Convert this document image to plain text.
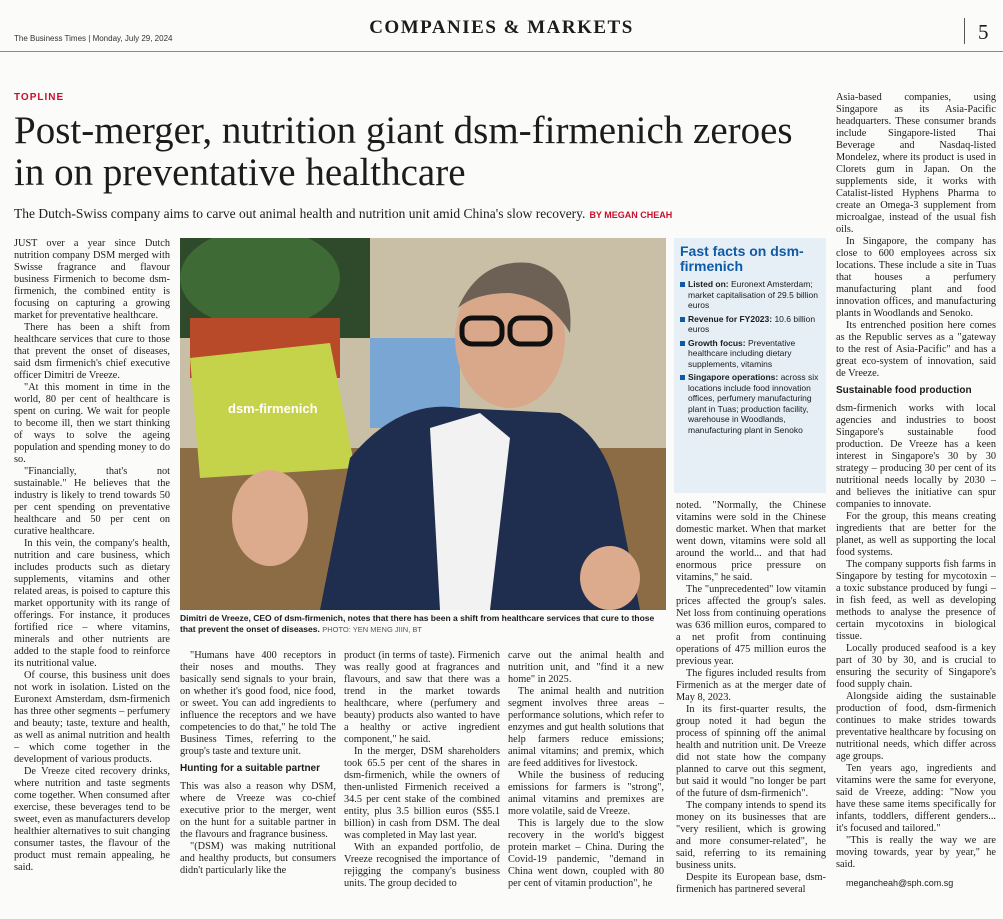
The Business Times | Monday, July 29, 2024
COMPANIES & MARKETS	5
TOPLINE
Post-merger, nutrition giant dsm-firmenich zeroes in on preventative healthcare
The Dutch-Swiss company aims to carve out animal health and nutrition unit amid China's slow recovery. BY MEGAN CHEAH

JUST over a year since Dutch nutrition company DSM merged with Swisse fragrance and flavour business Firmenich to become dsm-firmenich, the combined entity is focusing on capturing a growing market for preventative healthcare.

There has been a shift from healthcare services that cure to those that prevent the onset of diseases, said dsm firmenich's chief executive officer Dimitri de Vreeze.

"At this moment in time in the world, 80 per cent of healthcare is spent on curing. We wait for people to become ill, then we start thinking of ways to solve the ageing population and spending money to do so.

"Financially, that's not sustainable." He believes that the industry is likely to trend towards 50 per cent spending on preventative healthcare and 50 per cent on curative healthcare.

In this vein, the company's health, nutrition and care business, which includes products such as dietary supplements, vitamins and other related areas, is poised to capture this market opportunity with its range of offerings. For instance, it produces fortified rice – where vitamins, minerals and other nutrients are added to the staple food to reinforce its nutritional value.

Of course, this business unit does not work in isolation. Listed on the Euronext Amsterdam, dsm-firmenich has three other segments – perfumery and beauty; taste, texture and health, as well as animal nutrition and health – which come together in the development of various products.

De Vreeze cited recovery drinks, where nutrition and taste segments come together. When consumed after exercise, these beverages tend to be sweet, even as manufacturers develop healthier alternatives to suit changing consumer tastes, the flavour of the product must remain appealing, he said.

dsm-firmenich
Dimitri de Vreeze, CEO of dsm-firmenich, notes that there has been a shift from healthcare services that cure to those that prevent the onset of diseases. PHOTO: YEN MENG JIIN, BT
Fast facts on dsm-firmenich
Listed on: Euronext Amsterdam; market capitalisation of 29.5 billion euros
Revenue for FY2023: 10.6 billion euros
Growth focus: Preventative healthcare including dietary supplements, vitamins
Singapore operations: across six locations include food innovation offices, perfumery manufacturing plant in Tuas; production facility, warehouse in Woodlands, manufacturing plant in Senoko

"Humans have 400 receptors in their noses and mouths. They basically send signals to your brain, on whether it's good food, nice food, or sweet. You can add ingredients to influence the receptors and we have competencies to do that," he told The Business Times, referring to the group's taste and texture unit.

Hunting for a suitable partner

This was also a reason why DSM, where de Vreeze was co-chief executive prior to the merger, went on the hunt for a suitable partner in the flavours and fragrance business.

"(DSM) was making nutritional and healthy products, but consumers didn't particularly like the

product (in terms of taste). Firmenich was really good at fragrances and flavours, and saw that there was a trend in the market towards healthcare, where (perfumery and beauty) products also wanted to have a healthy or active ingredient component," he said.

In the merger, DSM shareholders took 65.5 per cent of the shares in dsm-firmenich, while the owners of then-unlisted Firmenich received a 34.5 per cent stake of the combined entity, plus 3.5 billion euros (S$5.1 billion) in cash from DSM. The deal was completed in May last year.

With an expanded portfolio, de Vreeze recognised the importance of rejigging the company's business units. The group decided to

carve out the animal health and nutrition unit, and "find it a new home" in 2025.

The animal health and nutrition segment involves three areas – performance solutions, which refer to enzymes and gut health solutions that help farmers reduce emissions; animal vitamins; and premix, which are feed additives for livestock.

While the business of reducing emissions for farmers is "strong", animal vitamins and premixes are more volatile, said de Vreeze.

This is largely due to the slow recovery in the world's biggest protein market – China. During the Covid-19 pandemic, "demand in China went down, coupled with 80 per cent of vitamin production", he

noted. "Normally, the Chinese vitamins were sold in the Chinese domestic market. When that market went down, vitamins were sold all around the world... and that had enormous price pressure on vitamins," he said.

The "unprecedented" low vitamin prices affected the group's sales. Net loss from continuing operations was 636 million euros, compared to a net profit from continuing operations of 475 million euros the previous year.

The figures included results from Firmenich as at the merger date of May 8, 2023.

In its first-quarter results, the group noted it had begun the process of spinning off the animal health and nutrition unit. De Vreeze did not state how the company planned to carve out this segment, but said it would "no longer be part of the future of dsm-firmenich".

The company intends to spend its money on its businesses that are "very resilient, which is growing and more consumer-related", he said, referring to its remaining business units.

Despite its European base, dsm-firmenich has partnered several

Asia-based companies, using Singapore as its Asia-Pacific headquarters. These consumer brands include Singapore-listed Thai Beverage and Nasdaq-listed Mondelez, where its product is used in Clorets gum in Japan. On the supplements side, it works with Catalist-listed Hyphens Pharma to create an Omega-3 supplement from microalgae, instead of the usual fish oils.

In Singapore, the company has close to 600 employees across six locations. These include a site in Tuas that houses a perfumery manufacturing plant and food innovation offices, and manufacturing plants in Woodlands and Senoko.

Its entrenched position here comes as the Republic serves as a "gateway to the rest of Asia-Pacific" and has a great eco-system of innovation, said de Vreeze.

Sustainable food production

dsm-firmenich works with local agencies and industries to boost Singapore's sustainable food production. De Vreeze has a keen interest in Singapore's 30 by 30 strategy – producing 30 per cent of its nutritional needs locally by 2030 – and believes the initiative can spur companies to innovate.

For the group, this means creating ingredients that are better for the planet, as well as supporting the local food systems.

The company supports fish farms in Singapore by testing for mycotoxin – a toxic substance produced by fungi – in fish feed, as well as developing methods to analyse the presence of certain mycotoxins in biological tissue.

Locally produced seafood is a key part of 30 by 30, and is crucial to ensuring the security of Singapore's food supply chain.

Alongside aiding the sustainable production of food, dsm-firmenich continues to make strides towards preventative healthcare by focusing on nutritional needs, which differ across age groups.

Ten years ago, ingredients and vitamins were the same for everyone, said de Vreeze, adding: "Now you have these same items specifically for infants, toddlers, different genders... it's focused and tailored."

"This is really the way we are moving towards, year by year," he said.

megancheah@sph.com.sg
